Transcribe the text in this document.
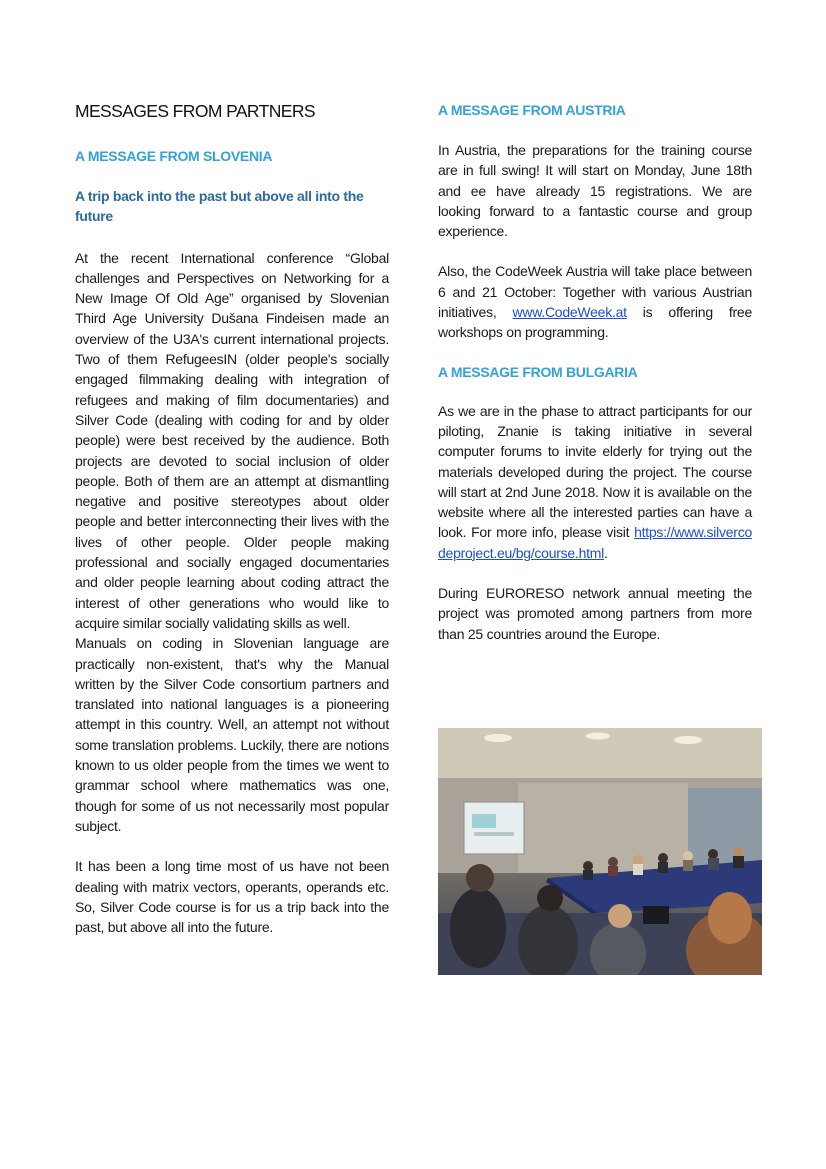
MESSAGES FROM PARTNERS
A MESSAGE FROM SLOVENIA
A trip back into the past but above all into the future

At the recent International conference “Global challenges and Perspectives on Networking for a New Image Of Old Age” organised by Slovenian Third Age University Dušana Findeisen made an overview of the U3A's current international projects. Two of them RefugeesIN (older people's socially engaged filmmaking dealing with integration of refugees and making of film documentaries) and Silver Code (dealing with coding for and by older people) were best received by the audience. Both projects are devoted to social inclusion of older people. Both of them are an attempt at dismantling negative and positive stereotypes about older people and better interconnecting their lives with the lives of other people. Older people making professional and socially engaged documentaries and older people learning about coding attract the interest of other generations who would like to acquire similar socially validating skills as well.

Manuals on coding in Slovenian language are practically non-existent, that's why the Manual written by the Silver Code consortium partners and translated into national languages is a pioneering attempt in this country. Well, an attempt not without some translation problems. Luckily, there are notions known to us older people from the times we went to grammar school where mathematics was one, though for some of us not necessarily most popular subject.

It has been a long time most of us have not been dealing with matrix vectors, operants, operands etc. So, Silver Code course is for us a trip back into the past, but above all into the future.

A MESSAGE FROM AUSTRIA

In Austria, the preparations for the training course are in full swing! It will start on Monday, June 18th and ee have already 15 registrations. We are looking forward to a fantastic course and group experience.

Also, the CodeWeek Austria will take place between 6 and 21 October: Together with various Austrian initiatives, www.CodeWeek.at is offering free workshops on programming.

A MESSAGE FROM BULGARIA

As we are in the phase to attract participants for our piloting, Znanie is taking initiative in several computer forums to invite elderly for trying out the materials developed during the project. The course will start at 2nd June 2018. Now it is available on the website where all the interested parties can have a look. For more info, please visit https://www.silvercodeproject.eu/bg/course.html.

During EURORESO network annual meeting the project was promoted among partners from more than 25 countries around the Europe.
